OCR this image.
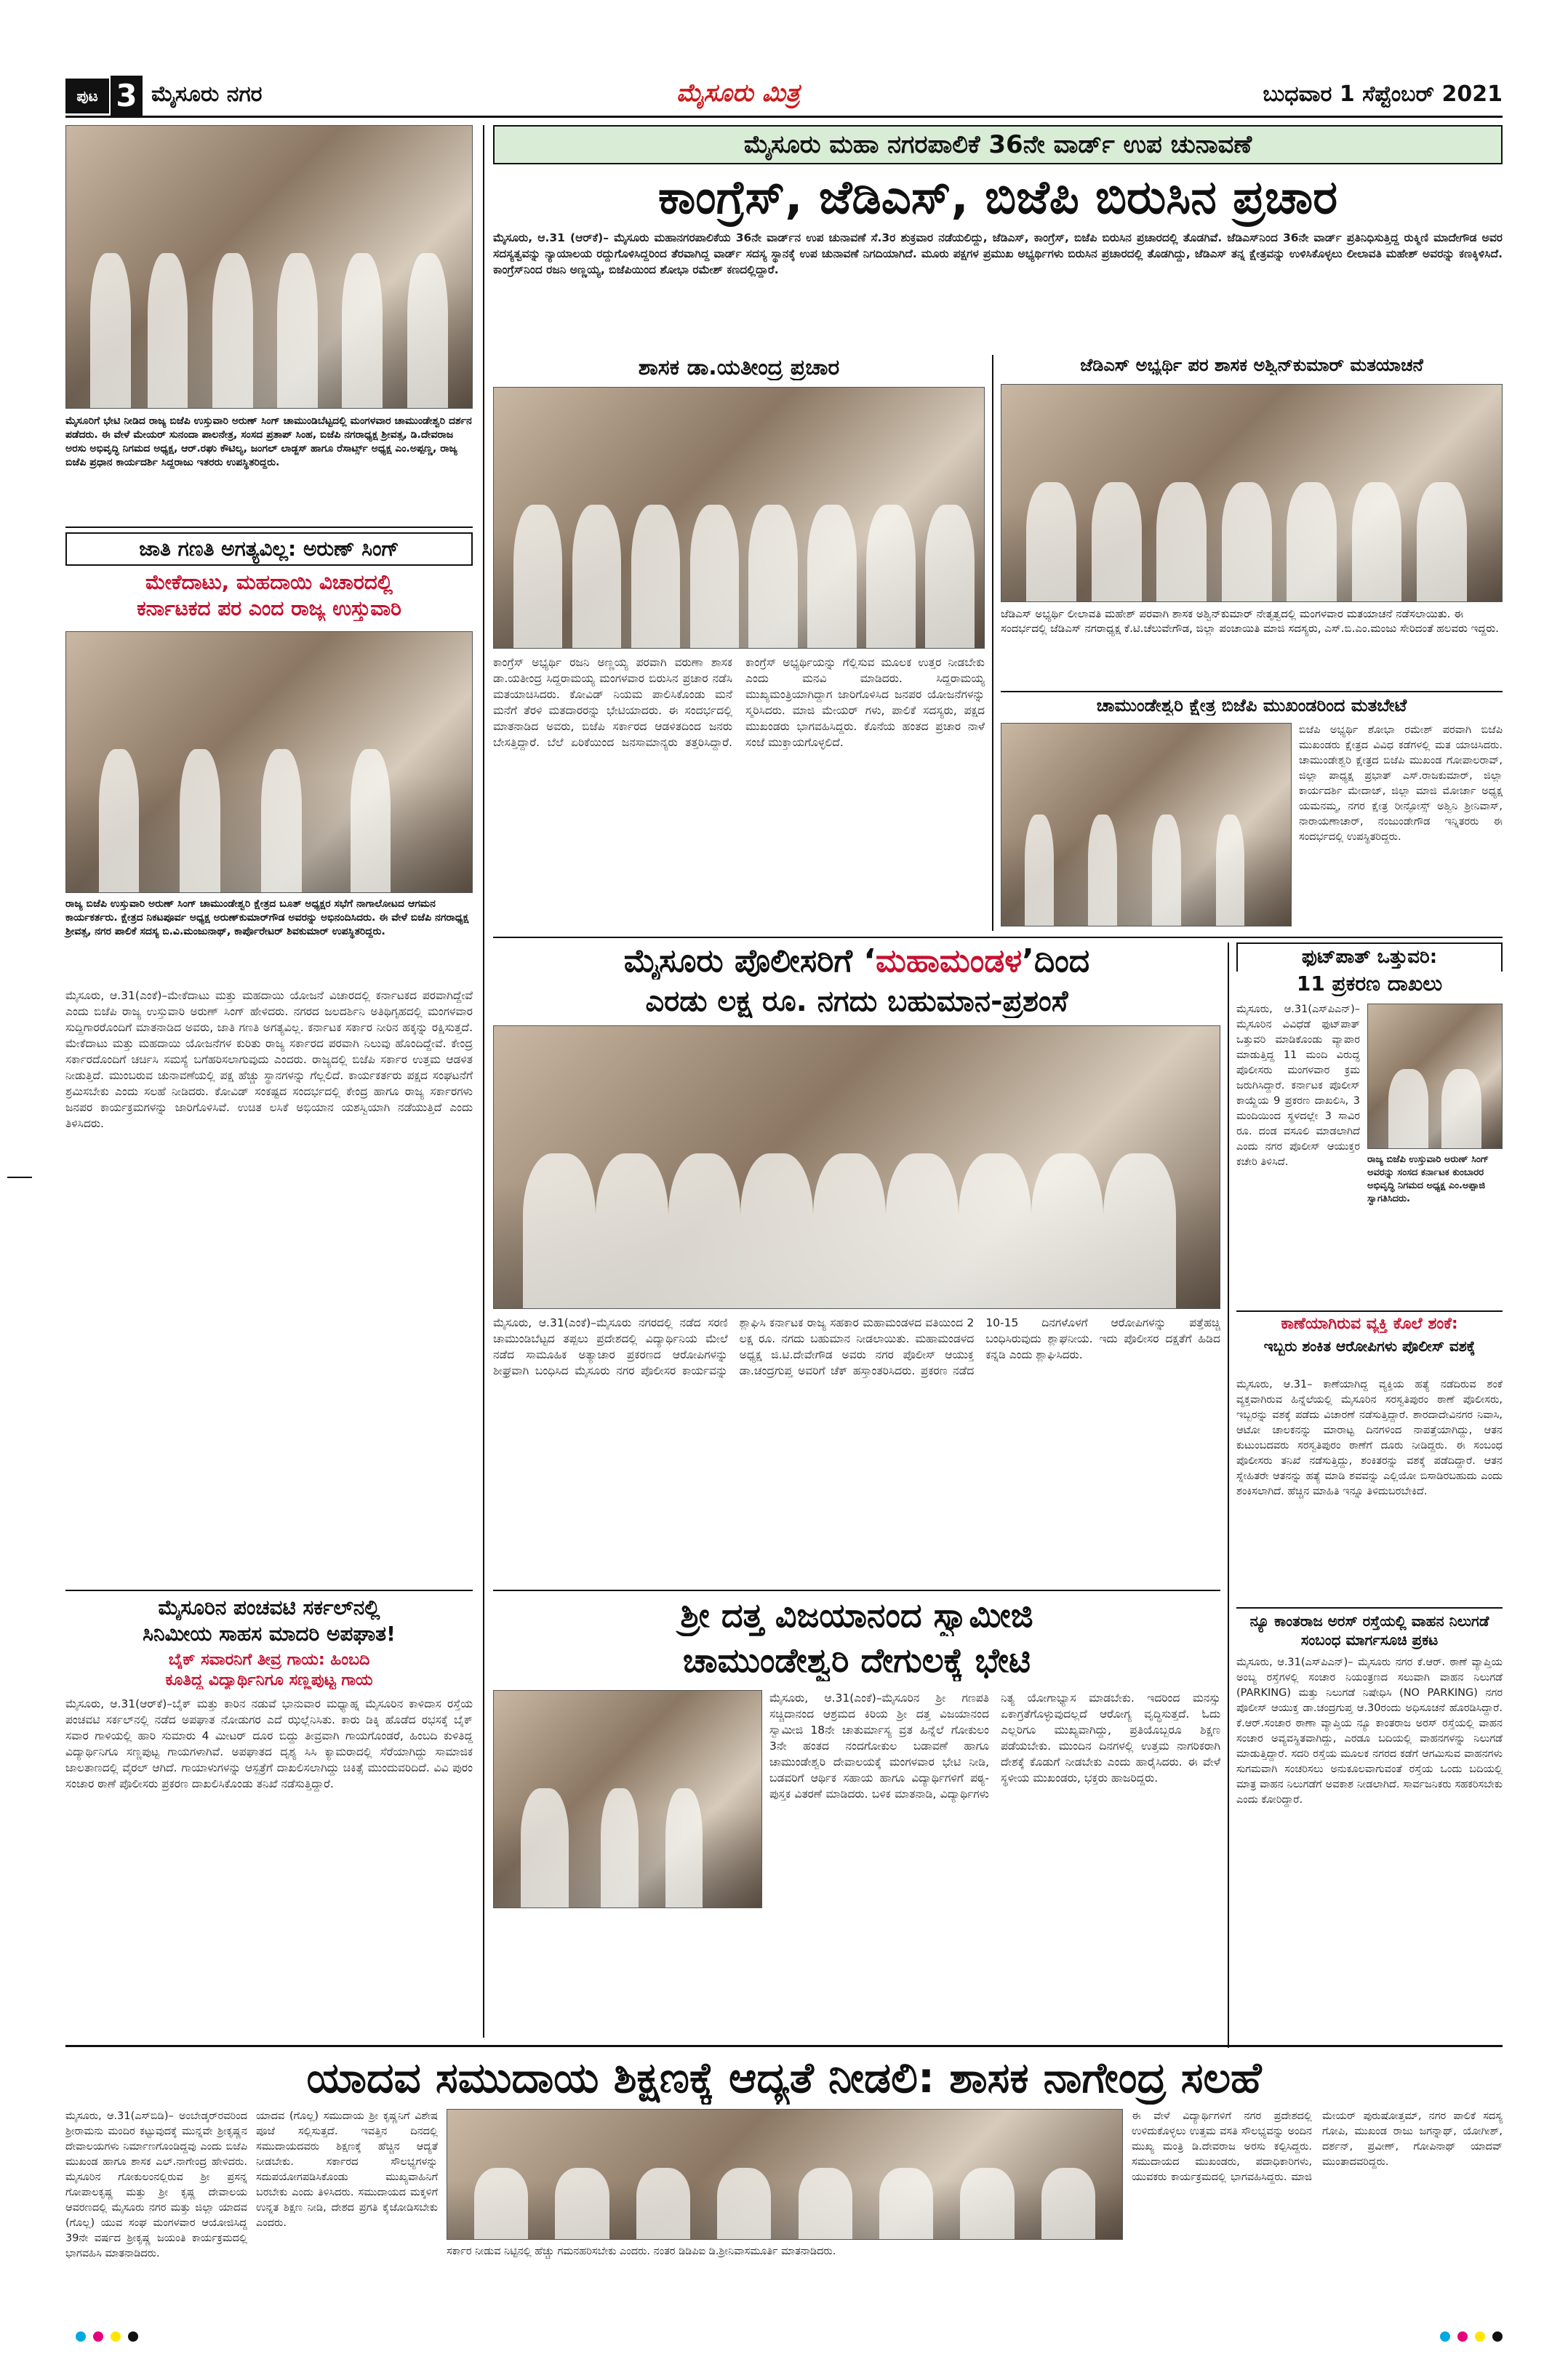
ಪುಟ 3 ಮೈಸೂರು ನಗರ	ಮೈಸೂರು ಮಿತ್ರ	ಬುಧವಾರ 1 ಸೆಪ್ಟೆಂಬರ್ 2021
ಮೈಸೂರಿಗೆ ಭೇಟಿ ನೀಡಿದ ರಾಜ್ಯ ಬಿಜೆಪಿ ಉಸ್ತುವಾರಿ ಅರುಣ್ ಸಿಂಗ್ ಚಾಮುಂಡಿಬೆಟ್ಟದಲ್ಲಿ ಮಂಗಳವಾರ ಚಾಮುಂಡೇಶ್ವರಿ ದರ್ಶನ ಪಡೆದರು. ಈ ವೇಳೆ ಮೇಯರ್ ಸುನಂದಾ ಪಾಲನೇತ್ರ, ಸಂಸದ ಪ್ರತಾಪ್ ಸಿಂಹ, ಬಿಜೆಪಿ ನಗರಾಧ್ಯಕ್ಷ ಶ್ರೀವತ್ಸ, ಡಿ.ದೇವರಾಜ ಅರಸು ಅಭಿವೃದ್ಧಿ ನಿಗಮದ ಅಧ್ಯಕ್ಷ, ಆರ್.ರಘು ಕೌಟಿಲ್ಯ, ಜಂಗಲ್ ಲಾಡ್ಜಸ್ ಹಾಗೂ ರೆಸಾರ್ಟ್ಸ್ ಅಧ್ಯಕ್ಷ ಎಂ.ಅಪ್ಪಣ್ಣ, ರಾಜ್ಯ ಬಿಜೆಪಿ ಪ್ರಧಾನ ಕಾರ್ಯದರ್ಶಿ ಸಿದ್ದರಾಜು ಇತರರು ಉಪಸ್ಥಿತರಿದ್ದರು.
ಜಾತಿ ಗಣತಿ ಅಗತ್ಯವಿಲ್ಲ: ಅರುಣ್ ಸಿಂಗ್
ಮೇಕೆದಾಟು, ಮಹದಾಯಿ ವಿಚಾರದಲ್ಲಿ
ಕರ್ನಾಟಕದ ಪರ ಎಂದ ರಾಜ್ಯ ಉಸ್ತುವಾರಿ
ರಾಜ್ಯ ಬಿಜೆಪಿ ಉಸ್ತುವಾರಿ ಅರುಣ್ ಸಿಂಗ್ ಚಾಮುಂಡೇಶ್ವರಿ ಕ್ಷೇತ್ರದ ಬೂತ್ ಅಧ್ಯಕ್ಷರ ಸಭೆಗೆ ನಾಗಾಲೋಟದ ಆಗಮನ ಕಾರ್ಯಕರ್ತರು. ಕ್ಷೇತ್ರದ ನಿಕಟಪೂರ್ವ ಅಧ್ಯಕ್ಷ ಅರುಣ್‌ಕುಮಾರ್‌ಗೌಡ ಅವರನ್ನು ಅಭಿನಂದಿಸಿದರು. ಈ ವೇಳೆ ಬಿಜೆಪಿ ನಗರಾಧ್ಯಕ್ಷ ಶ್ರೀವತ್ಸ, ನಗರ ಪಾಲಿಕೆ ಸದಸ್ಯ ಬಿ.ವಿ.ಮಂಜುನಾಥ್, ಕಾರ್ಪೊರೇಟರ್ ಶಿವಕುಮಾರ್ ಉಪಸ್ಥಿತರಿದ್ದರು.
ಮೈಸೂರು, ಆ.31(ಎಂಕೆ)–ಮೇಕೆದಾಟು ಮತ್ತು ಮಹದಾಯಿ ಯೋಜನೆ ವಿಚಾರದಲ್ಲಿ ಕರ್ನಾಟಕದ ಪರವಾಗಿದ್ದೇವೆ ಎಂದು ಬಿಜೆಪಿ ರಾಜ್ಯ ಉಸ್ತುವಾರಿ ಅರುಣ್ ಸಿಂಗ್ ಹೇಳಿದರು. ನಗರದ ಜಲದರ್ಶಿನಿ ಅತಿಥಿಗೃಹದಲ್ಲಿ ಮಂಗಳವಾರ ಸುದ್ದಿಗಾರರೊಂದಿಗೆ ಮಾತನಾಡಿದ ಅವರು, ಜಾತಿ ಗಣತಿ ಅಗತ್ಯವಿಲ್ಲ. ಕರ್ನಾಟಕ ಸರ್ಕಾರ ನೀರಿನ ಹಕ್ಕನ್ನು ರಕ್ಷಿಸುತ್ತದೆ. ಮೇಕೆದಾಟು ಮತ್ತು ಮಹದಾಯಿ ಯೋಜನೆಗಳ ಕುರಿತು ರಾಜ್ಯ ಸರ್ಕಾರದ ಪರವಾಗಿ ನಿಲುವು ಹೊಂದಿದ್ದೇವೆ. ಕೇಂದ್ರ ಸರ್ಕಾರದೊಂದಿಗೆ ಚರ್ಚಿಸಿ ಸಮಸ್ಯೆ ಬಗೆಹರಿಸಲಾಗುವುದು ಎಂದರು. ರಾಜ್ಯದಲ್ಲಿ ಬಿಜೆಪಿ ಸರ್ಕಾರ ಉತ್ತಮ ಆಡಳಿತ ನೀಡುತ್ತಿದೆ. ಮುಂಬರುವ ಚುನಾವಣೆಯಲ್ಲಿ ಪಕ್ಷ ಹೆಚ್ಚು ಸ್ಥಾನಗಳನ್ನು ಗೆಲ್ಲಲಿದೆ. ಕಾರ್ಯಕರ್ತರು ಪಕ್ಷದ ಸಂಘಟನೆಗೆ ಶ್ರಮಿಸಬೇಕು ಎಂದು ಸಲಹೆ ನೀಡಿದರು. ಕೋವಿಡ್ ಸಂಕಷ್ಟದ ಸಂದರ್ಭದಲ್ಲಿ ಕೇಂದ್ರ ಹಾಗೂ ರಾಜ್ಯ ಸರ್ಕಾರಗಳು ಜನಪರ ಕಾರ್ಯಕ್ರಮಗಳನ್ನು ಜಾರಿಗೊಳಿಸಿವೆ. ಉಚಿತ ಲಸಿಕೆ ಅಭಿಯಾನ ಯಶಸ್ವಿಯಾಗಿ ನಡೆಯುತ್ತಿದೆ ಎಂದು ತಿಳಿಸಿದರು.
ಮೈಸೂರಿನ ಪಂಚವಟಿ ಸರ್ಕಲ್‌ನಲ್ಲಿ
ಸಿನಿಮೀಯ ಸಾಹಸ ಮಾದರಿ ಅಪಘಾತ!
ಬೈಕ್ ಸವಾರನಿಗೆ ತೀವ್ರ ಗಾಯ: ಹಿಂಬದಿ
ಕೂತಿದ್ದ ವಿದ್ಯಾರ್ಥಿನಿಗೂ ಸಣ್ಣಪುಟ್ಟ ಗಾಯ
ಮೈಸೂರು, ಆ.31(ಆರ್‌ಕೆ)–ಬೈಕ್ ಮತ್ತು ಕಾರಿನ ನಡುವೆ ಭಾನುವಾರ ಮಧ್ಯಾಹ್ನ ಮೈಸೂರಿನ ಕಾಳಿದಾಸ ರಸ್ತೆಯ ಪಂಚವಟಿ ಸರ್ಕಲ್‌ನಲ್ಲಿ ನಡೆದ ಅಪಘಾತ ನೋಡುಗರ ಎದೆ ಝಲ್ಲೆನಿಸಿತು. ಕಾರು ಡಿಕ್ಕಿ ಹೊಡೆದ ರಭಸಕ್ಕೆ ಬೈಕ್ ಸವಾರ ಗಾಳಿಯಲ್ಲಿ ಹಾರಿ ಸುಮಾರು 4 ಮೀಟರ್ ದೂರ ಬಿದ್ದು ತೀವ್ರವಾಗಿ ಗಾಯಗೊಂಡರೆ, ಹಿಂಬದಿ ಕುಳಿತಿದ್ದ ವಿದ್ಯಾರ್ಥಿನಿಗೂ ಸಣ್ಣಪುಟ್ಟ ಗಾಯಗಳಾಗಿವೆ. ಅಪಘಾತದ ದೃಶ್ಯ ಸಿಸಿ ಕ್ಯಾಮರಾದಲ್ಲಿ ಸೆರೆಯಾಗಿದ್ದು ಸಾಮಾಜಿಕ ಜಾಲತಾಣದಲ್ಲಿ ವೈರಲ್ ಆಗಿದೆ. ಗಾಯಾಳುಗಳನ್ನು ಆಸ್ಪತ್ರೆಗೆ ದಾಖಲಿಸಲಾಗಿದ್ದು ಚಿಕಿತ್ಸೆ ಮುಂದುವರಿದಿದೆ. ವಿವಿ ಪುರಂ ಸಂಚಾರ ಠಾಣೆ ಪೊಲೀಸರು ಪ್ರಕರಣ ದಾಖಲಿಸಿಕೊಂಡು ತನಿಖೆ ನಡೆಸುತ್ತಿದ್ದಾರೆ.
ಮೈಸೂರು ಮಹಾ ನಗರಪಾಲಿಕೆ 36ನೇ ವಾರ್ಡ್ ಉಪ ಚುನಾವಣೆ
ಕಾಂಗ್ರೆಸ್, ಜೆಡಿಎಸ್, ಬಿಜೆಪಿ ಬಿರುಸಿನ ಪ್ರಚಾರ
ಮೈಸೂರು, ಆ.31 (ಆರ್‌ಕೆ)– ಮೈಸೂರು ಮಹಾನಗರಪಾಲಿಕೆಯ 36ನೇ ವಾರ್ಡ್‌ನ ಉಪ ಚುನಾವಣೆ ಸೆ.3ರ ಶುಕ್ರವಾರ ನಡೆಯಲಿದ್ದು, ಜೆಡಿಎಸ್, ಕಾಂಗ್ರೆಸ್, ಬಿಜೆಪಿ ಬಿರುಸಿನ ಪ್ರಚಾರದಲ್ಲಿ ತೊಡಗಿವೆ. ಜೆಡಿಎಸ್‌ನಿಂದ 36ನೇ ವಾರ್ಡ್ ಪ್ರತಿನಿಧಿಸುತ್ತಿದ್ದ ರುಕ್ಮಿಣಿ ಮಾದೇಗೌಡ ಅವರ ಸದಸ್ಯತ್ವವನ್ನು ನ್ಯಾಯಾಲಯ ರದ್ದುಗೊಳಿಸಿದ್ದರಿಂದ ತೆರವಾಗಿದ್ದ ವಾರ್ಡ್ ಸದಸ್ಯ ಸ್ಥಾನಕ್ಕೆ ಉಪ ಚುನಾವಣೆ ನಿಗದಿಯಾಗಿದೆ. ಮೂರು ಪಕ್ಷಗಳ ಪ್ರಮುಖ ಅಭ್ಯರ್ಥಿಗಳು ಬಿರುಸಿನ ಪ್ರಚಾರದಲ್ಲಿ ತೊಡಗಿದ್ದು, ಜೆಡಿಎಸ್ ತನ್ನ ಕ್ಷೇತ್ರವನ್ನು ಉಳಿಸಿಕೊಳ್ಳಲು ಲೀಲಾವತಿ ಮಹೇಶ್ ಅವರನ್ನು ಕಣಕ್ಕಿಳಿಸಿದೆ. ಕಾಂಗ್ರೆಸ್‌ನಿಂದ ರಜನಿ ಅಣ್ಣಯ್ಯ, ಬಿಜೆಪಿಯಿಂದ ಶೋಭಾ ರಮೇಶ್ ಕಣದಲ್ಲಿದ್ದಾರೆ.
ಶಾಸಕ ಡಾ.ಯತೀಂದ್ರ ಪ್ರಚಾರ
ಕಾಂಗ್ರೆಸ್ ಅಭ್ಯರ್ಥಿ ರಜನಿ ಅಣ್ಣಯ್ಯ ಪರವಾಗಿ ವರುಣಾ ಶಾಸಕ ಡಾ.ಯತೀಂದ್ರ ಸಿದ್ದರಾಮಯ್ಯ ಮಂಗಳವಾರ ಬಿರುಸಿನ ಪ್ರಚಾರ ನಡೆಸಿ ಮತಯಾಚಿಸಿದರು. ಕೋವಿಡ್ ನಿಯಮ ಪಾಲಿಸಿಕೊಂಡು ಮನೆ ಮನೆಗೆ ತೆರಳಿ ಮತದಾರರನ್ನು ಭೇಟಿಯಾದರು. ಈ ಸಂದರ್ಭದಲ್ಲಿ ಮಾತನಾಡಿದ ಅವರು, ಬಿಜೆಪಿ ಸರ್ಕಾರದ ಆಡಳಿತದಿಂದ ಜನರು ಬೇಸತ್ತಿದ್ದಾರೆ. ಬೆಲೆ ಏರಿಕೆಯಿಂದ ಜನಸಾಮಾನ್ಯರು ತತ್ತರಿಸಿದ್ದಾರೆ. ಕಾಂಗ್ರೆಸ್ ಅಭ್ಯರ್ಥಿಯನ್ನು ಗೆಲ್ಲಿಸುವ ಮೂಲಕ ಉತ್ತರ ನೀಡಬೇಕು ಎಂದು ಮನವಿ ಮಾಡಿದರು. ಸಿದ್ದರಾಮಯ್ಯ ಮುಖ್ಯಮಂತ್ರಿಯಾಗಿದ್ದಾಗ ಜಾರಿಗೊಳಿಸಿದ ಜನಪರ ಯೋಜನೆಗಳನ್ನು ಸ್ಮರಿಸಿದರು. ಮಾಜಿ ಮೇಯರ್ ಗಳು, ಪಾಲಿಕೆ ಸದಸ್ಯರು, ಪಕ್ಷದ ಮುಖಂಡರು ಭಾಗವಹಿಸಿದ್ದರು. ಕೊನೆಯ ಹಂತದ ಪ್ರಚಾರ ನಾಳೆ ಸಂಜೆ ಮುಕ್ತಾಯಗೊಳ್ಳಲಿದೆ.
ಜೆಡಿಎಸ್ ಅಭ್ಯರ್ಥಿ ಪರ ಶಾಸಕ ಅಶ್ವಿನ್‌ಕುಮಾರ್ ಮತಯಾಚನೆ
ಜೆಡಿಎಸ್ ಅಭ್ಯರ್ಥಿ ಲೀಲಾವತಿ ಮಹೇಶ್ ಪರವಾಗಿ ಶಾಸಕ ಅಶ್ವಿನ್‌ಕುಮಾರ್ ನೇತೃತ್ವದಲ್ಲಿ ಮಂಗಳವಾರ ಮತಯಾಚನೆ ನಡೆಸಲಾಯಿತು. ಈ ಸಂದರ್ಭದಲ್ಲಿ ಜೆಡಿಎಸ್ ನಗರಾಧ್ಯಕ್ಷ ಕೆ.ಟಿ.ಚೆಲುವೇಗೌಡ, ಜಿಲ್ಲಾ ಪಂಚಾಯಿತಿ ಮಾಜಿ ಸದಸ್ಯರು, ಎಸ್.ಬಿ.ಎಂ.ಮಂಜು ಸೇರಿದಂತೆ ಹಲವರು ಇದ್ದರು.
ಚಾಮುಂಡೇಶ್ವರಿ ಕ್ಷೇತ್ರ ಬಿಜೆಪಿ ಮುಖಂಡರಿಂದ ಮತಬೇಟೆ
ಬಿಜೆಪಿ ಅಭ್ಯರ್ಥಿ ಶೋಭಾ ರಮೇಶ್ ಪರವಾಗಿ ಬಿಜೆಪಿ ಮುಖಂಡರು ಕ್ಷೇತ್ರದ ವಿವಿಧ ಕಡೆಗಳಲ್ಲಿ ಮತ ಯಾಚಿಸಿದರು. ಚಾಮುಂಡೇಶ್ವರಿ ಕ್ಷೇತ್ರದ ಬಿಜೆಪಿ ಮುಖಂಡ ಗೋಪಾಲರಾವ್, ಜಿಲ್ಲಾ ಪಾಧ್ಯಕ್ಷ ಪ್ರಭಾತ್ ಎಸ್.ರಾಜಕುಮಾರ್, ಜಿಲ್ಲಾ ಕಾರ್ಯದರ್ಶಿ ಮೇದಾಜ್, ಜಿಲ್ಲಾ ಮಾಜಿ ಮೋರ್ಚಾ ಅಧ್ಯಕ್ಷ ಯಮನಮ್ಮ, ನಗರ ಕ್ಷೇತ್ರ ರೀನ್ಫೋಸ್ಸ್ ಅಶ್ವಿನಿ ಶ್ರೀನಿವಾಸ್, ನಾರಾಯಣಾಚಾರ್, ನಂಜುಂಡೇಗೌಡ ಇನ್ನಿತರರು ಈ ಸಂದರ್ಭದಲ್ಲಿ ಉಪಸ್ಥಿತರಿದ್ದರು.
ಮೈಸೂರು ಪೊಲೀಸರಿಗೆ ‘ಮಹಾಮಂಡಳ’ದಿಂದ
ಎರಡು ಲಕ್ಷ ರೂ. ನಗದು ಬಹುಮಾನ-ಪ್ರಶಂಸೆ
ಮೈಸೂರು, ಆ.31(ಎಂಕೆ)–ಮೈಸೂರು ನಗರದಲ್ಲಿ ನಡೆದ ಸರಣಿ ಚಾಮುಂಡಿಬೆಟ್ಟದ ತಪ್ಪಲು ಪ್ರದೇಶದಲ್ಲಿ ವಿದ್ಯಾರ್ಥಿನಿಯ ಮೇಲೆ ನಡೆದ ಸಾಮೂಹಿಕ ಅತ್ಯಾಚಾರ ಪ್ರಕರಣದ ಆರೋಪಿಗಳನ್ನು ಶೀಘ್ರವಾಗಿ ಬಂಧಿಸಿದ ಮೈಸೂರು ನಗರ ಪೊಲೀಸರ ಕಾರ್ಯವನ್ನು ಶ್ಲಾಘಿಸಿ ಕರ್ನಾಟಕ ರಾಜ್ಯ ಸಹಕಾರ ಮಹಾಮಂಡಳದ ವತಿಯಿಂದ 2 ಲಕ್ಷ ರೂ. ನಗದು ಬಹುಮಾನ ನೀಡಲಾಯಿತು. ಮಹಾಮಂಡಳದ ಅಧ್ಯಕ್ಷ ಜಿ.ಟಿ.ದೇವೇಗೌಡ ಅವರು ನಗರ ಪೊಲೀಸ್ ಆಯುಕ್ತ ಡಾ.ಚಂದ್ರಗುಪ್ತ ಅವರಿಗೆ ಚೆಕ್ ಹಸ್ತಾಂತರಿಸಿದರು. ಪ್ರಕರಣ ನಡೆದ 10-15 ದಿನಗಳೊಳಗೆ ಆರೋಪಿಗಳನ್ನು ಪತ್ತೆಹಚ್ಚಿ ಬಂಧಿಸಿರುವುದು ಶ್ಲಾಘನೀಯ. ಇದು ಪೊಲೀಸರ ದಕ್ಷತೆಗೆ ಹಿಡಿದ ಕನ್ನಡಿ ಎಂದು ಶ್ಲಾಘಿಸಿದರು.
ಫುಟ್‌ಪಾತ್ ಒತ್ತುವರಿ:
11 ಪ್ರಕರಣ ದಾಖಲು
ಮೈಸೂರು, ಆ.31(ಎಸ್‌ಪಿಎನ್)– ಮೈಸೂರಿನ ವಿವಿಧೆಡೆ ಫುಟ್‌ಪಾತ್ ಒತ್ತುವರಿ ಮಾಡಿಕೊಂಡು ವ್ಯಾಪಾರ ಮಾಡುತ್ತಿದ್ದ 11 ಮಂದಿ ವಿರುದ್ಧ ಪೊಲೀಸರು ಮಂಗಳವಾರ ಕ್ರಮ ಜರುಗಿಸಿದ್ದಾರೆ. ಕರ್ನಾಟಕ ಪೊಲೀಸ್ ಕಾಯ್ದೆಯ 9 ಪ್ರಕರಣ ದಾಖಲಿಸಿ, 3 ಮಂದಿಯಿಂದ ಸ್ಥಳದಲ್ಲೇ 3 ಸಾವಿರ ರೂ. ದಂಡ ವಸೂಲಿ ಮಾಡಲಾಗಿದೆ ಎಂದು ನಗರ ಪೊಲೀಸ್ ಆಯುಕ್ತರ ಕಚೇರಿ ತಿಳಿಸಿದೆ.	ರಾಜ್ಯ ಬಿಜೆಪಿ ಉಸ್ತುವಾರಿ ಅರುಣ್ ಸಿಂಗ್ ಅವರನ್ನು ಸಂಸದ ಕರ್ನಾಟಕ ಕುಂಬಾರರ ಅಭಿವೃದ್ಧಿ ನಿಗಮದ ಅಧ್ಯಕ್ಷ ಎಂ.ಅಪ್ಪಾಜಿ ಸ್ವಾಗತಿಸಿದರು.
ಕಾಣೆಯಾಗಿರುವ ವ್ಯಕ್ತಿ ಕೊಲೆ ಶಂಕೆ:
ಇಬ್ಬರು ಶಂಕಿತ ಆರೋಪಿಗಳು ಪೊಲೀಸ್ ವಶಕ್ಕೆ
ಮೈಸೂರು, ಆ.31– ಕಾಣೆಯಾಗಿದ್ದ ವ್ಯಕ್ತಿಯ ಹತ್ಯೆ ನಡೆದಿರುವ ಶಂಕೆ ವ್ಯಕ್ತವಾಗಿರುವ ಹಿನ್ನೆಲೆಯಲ್ಲಿ ಮೈಸೂರಿನ ಸರಸ್ವತಿಪುರಂ ಠಾಣೆ ಪೊಲೀಸರು, ಇಬ್ಬರನ್ನು ವಶಕ್ಕೆ ಪಡೆದು ವಿಚಾರಣೆ ನಡೆಸುತ್ತಿದ್ದಾರೆ. ಶಾರದಾದೇವಿನಗರ ನಿವಾಸಿ, ಆಟೋ ಚಾಲಕನನ್ನು ಮಾರಾಟ್ಟ ದಿನಗಳಿಂದ ನಾಪತ್ತೆಯಾಗಿದ್ದು, ಆತನ ಕುಟುಂಬದವರು ಸರಸ್ವತಿಪುರಂ ಠಾಣೆಗೆ ದೂರು ನೀಡಿದ್ದರು. ಈ ಸಂಬಂಧ ಪೊಲೀಸರು ತನಿಖೆ ನಡೆಸುತ್ತಿದ್ದು, ಶಂಕಿತರನ್ನು ವಶಕ್ಕೆ ಪಡೆದಿದ್ದಾರೆ. ಆತನ ಸ್ನೇಹಿತರೇ ಆತನನ್ನು ಹತ್ಯೆ ಮಾಡಿ ಶವವನ್ನು ಎಲ್ಲಿಯೋ ಬಿಸಾಡಿರಬಹುದು ಎಂದು ಶಂಕಿಸಲಾಗಿದೆ. ಹೆಚ್ಚಿನ ಮಾಹಿತಿ ಇನ್ನೂ ತಿಳಿದುಬರಬೇಕಿದೆ.
ನ್ಯೂ ಕಾಂತರಾಜ ಅರಸ್ ರಸ್ತೆಯಲ್ಲಿ ವಾಹನ ನಿಲುಗಡೆ ಸಂಬಂಧ ಮಾರ್ಗಸೂಚಿ ಪ್ರಕಟ
ಮೈಸೂರು, ಆ.31(ಎಸ್‌ಪಿಎನ್)– ಮೈಸೂರು ನಗರ ಕೆ.ಆರ್. ಠಾಣೆ ವ್ಯಾಪ್ತಿಯ ಅಂಬ್ಯ ರಸ್ತೆಗಳಲ್ಲಿ ಸಂಚಾರ ನಿಯಂತ್ರಣದ ಸಲುವಾಗಿ ವಾಹನ ನಿಲುಗಡೆ (PARKING) ಮತ್ತು ನಿಲುಗಡೆ ನಿಷೇಧಿಸಿ (NO PARKING) ನಗರ ಪೊಲೀಸ್ ಆಯುಕ್ತ ಡಾ.ಚಂದ್ರಗುಪ್ತ ಆ.30ರಂದು ಅಧಿಸೂಚನೆ ಹೊರಡಿಸಿದ್ದಾರೆ. ಕೆ.ಆರ್.ಸಂಚಾರ ಠಾಣಾ ವ್ಯಾಪ್ತಿಯ ನ್ಯೂ ಕಾಂತರಾಜ ಅರಸ್ ರಸ್ತೆಯಲ್ಲಿ ವಾಹನ ಸಂಚಾರ ಅವ್ಯವಸ್ಥಿತವಾಗಿದ್ದು, ಎರಡೂ ಬದಿಯಲ್ಲಿ ವಾಹನಗಳನ್ನು ನಿಲುಗಡೆ ಮಾಡುತ್ತಿದ್ದಾರೆ. ಸದರಿ ರಸ್ತೆಯ ಮೂಲಕ ನಗರದ ಕಡೆಗೆ ಆಗಮಿಸುವ ವಾಹನಗಳು ಸುಗಮವಾಗಿ ಸಂಚರಿಸಲು ಅನುಕೂಲವಾಗುವಂತೆ ರಸ್ತೆಯ ಒಂದು ಬದಿಯಲ್ಲಿ ಮಾತ್ರ ವಾಹನ ನಿಲುಗಡೆಗೆ ಅವಕಾಶ ನೀಡಲಾಗಿದೆ. ಸಾರ್ವಜನಿಕರು ಸಹಕರಿಸಬೇಕು ಎಂದು ಕೋರಿದ್ದಾರೆ.
ಶ್ರೀ ದತ್ತ ವಿಜಯಾನಂದ ಸ್ವಾಮೀಜಿ
ಚಾಮುಂಡೇಶ್ವರಿ ದೇಗುಲಕ್ಕೆ ಭೇಟಿ
ಮೈಸೂರು, ಆ.31(ಎಂಕೆ)–ಮೈಸೂರಿನ ಶ್ರೀ ಗಣಪತಿ ಸಚ್ಚಿದಾನಂದ ಆಶ್ರಮದ ಕಿರಿಯ ಶ್ರೀ ದತ್ತ ವಿಜಯಾನಂದ ಸ್ವಾಮೀಜಿ 18ನೇ ಚಾತುರ್ಮಾಸ್ಯ ವ್ರತ ಹಿನ್ನೆಲೆ ಗೋಕುಲಂ 3ನೇ ಹಂತದ ನಂದಗೋಕುಲ ಬಡಾವಣೆ ಹಾಗೂ ಚಾಮುಂಡೇಶ್ವರಿ ದೇವಾಲಯಕ್ಕೆ ಮಂಗಳವಾರ ಭೇಟಿ ನೀಡಿ, ಬಡವರಿಗೆ ಆರ್ಥಿಕ ಸಹಾಯ ಹಾಗೂ ವಿದ್ಯಾರ್ಥಿಗಳಿಗೆ ಪಠ್ಯ-ಪುಸ್ತಕ ವಿತರಣೆ ಮಾಡಿದರು. ಬಳಿಕ ಮಾತನಾಡಿ, ವಿದ್ಯಾರ್ಥಿಗಳು ನಿತ್ಯ ಯೋಗಾಭ್ಯಾಸ ಮಾಡಬೇಕು. ಇದರಿಂದ ಮನಸ್ಸು ಏಕಾಗ್ರತೆಗೊಳ್ಳುವುದಲ್ಲದೆ ಆರೋಗ್ಯ ವೃದ್ಧಿಸುತ್ತದೆ. ಓದು ಎಲ್ಲರಿಗೂ ಮುಖ್ಯವಾಗಿದ್ದು, ಪ್ರತಿಯೊಬ್ಬರೂ ಶಿಕ್ಷಣ ಪಡೆಯಬೇಕು. ಮುಂದಿನ ದಿನಗಳಲ್ಲಿ ಉತ್ತಮ ನಾಗರಿಕರಾಗಿ ದೇಶಕ್ಕೆ ಕೊಡುಗೆ ನೀಡಬೇಕು ಎಂದು ಹಾರೈಸಿದರು. ಈ ವೇಳೆ ಸ್ಥಳೀಯ ಮುಖಂಡರು, ಭಕ್ತರು ಹಾಜರಿದ್ದರು.
ಯಾದವ ಸಮುದಾಯ ಶಿಕ್ಷಣಕ್ಕೆ ಆದ್ಯತೆ ನೀಡಲಿ: ಶಾಸಕ ನಾಗೇಂದ್ರ ಸಲಹೆ
ಮೈಸೂರು, ಆ.31(ಎಸ್‌ಬಿಡಿ)– ಅಂಬೇಡ್ಕರ್‌ರವರಿಂದ ಶ್ರೀರಾಮನು ಮಂದಿರ ಕಟ್ಟುವುದಕ್ಕೆ ಮುನ್ನವೇ ಶ್ರೀಕೃಷ್ಣನ ದೇವಾಲಯಗಳು ನಿರ್ಮಾಣಗೊಂಡಿದ್ದವು ಎಂದು ಬಿಜೆಪಿ ಮುಖಂಡ ಹಾಗೂ ಶಾಸಕ ಎಲ್.ನಾಗೇಂದ್ರ ಹೇಳಿದರು. ಮೈಸೂರಿನ ಗೋಕುಲಂನಲ್ಲಿರುವ ಶ್ರೀ ಪ್ರಸನ್ನ ಗೋಪಾಲಕೃಷ್ಣ ಮತ್ತು ಶ್ರೀ ಕೃಷ್ಣ ದೇವಾಲಯ ಆವರಣದಲ್ಲಿ ಮೈಸೂರು ನಗರ ಮತ್ತು ಜಿಲ್ಲಾ ಯಾದವ (ಗೊಲ್ಲ) ಯುವ ಸಂಘ ಮಂಗಳವಾರ ಆಯೋಜಿಸಿದ್ದ 39ನೇ ವರ್ಷದ ಶ್ರೀಕೃಷ್ಣ ಜಯಂತಿ ಕಾರ್ಯಕ್ರಮದಲ್ಲಿ ಭಾಗವಹಿಸಿ ಮಾತನಾಡಿದರು.
ಯಾದವ (ಗೊಲ್ಲ) ಸಮುದಾಯ ಶ್ರೀ ಕೃಷ್ಣನಿಗೆ ವಿಶೇಷ ಪೂಜೆ ಸಲ್ಲಿಸುತ್ತದೆ. ಇವತ್ತಿನ ದಿನದಲ್ಲಿ ಸಮುದಾಯದವರು ಶಿಕ್ಷಣಕ್ಕೆ ಹೆಚ್ಚಿನ ಆದ್ಯತೆ ನೀಡಬೇಕು. ಸರ್ಕಾರದ ಸೌಲಭ್ಯಗಳನ್ನು ಸದುಪಯೋಗಪಡಿಸಿಕೊಂಡು ಮುಖ್ಯವಾಹಿನಿಗೆ ಬರಬೇಕು ಎಂದು ತಿಳಿಸಿದರು. ಸಮುದಾಯದ ಮಕ್ಕಳಿಗೆ ಉನ್ನತ ಶಿಕ್ಷಣ ನೀಡಿ, ದೇಶದ ಪ್ರಗತಿ ಕೈಜೋಡಿಸಬೇಕು ಎಂದರು.
ಸರ್ಕಾರ ನೀಡುವ ನಿಟ್ಟಿನಲ್ಲಿ ಹೆಚ್ಚು ಗಮನಹರಿಸಬೇಕು ಎಂದರು. ನಂತರ ಡಿಡಿಪಿಐ ಡಿ.ಶ್ರೀನಿವಾಸಮೂರ್ತಿ ಮಾತನಾಡಿದರು.
ಈ ವೇಳೆ ವಿದ್ಯಾರ್ಥಿಗಳಿಗೆ ನಗರ ಪ್ರದೇಶದಲ್ಲಿ ಉಳಿದುಕೊಳ್ಳಲು ಉತ್ತಮ ವಸತಿ ಸೌಲಭ್ಯವನ್ನು ಅಂದಿನ ಮುಖ್ಯ ಮಂತ್ರಿ ಡಿ.ದೇವರಾಜ ಅರಸು ಕಲ್ಪಿಸಿದ್ದರು. ಸಮುದಾಯದ ಮುಖಂಡರು, ಪದಾಧಿಕಾರಿಗಳು, ಯುವಕರು ಕಾರ್ಯಕ್ರಮದಲ್ಲಿ ಭಾಗವಹಿಸಿದ್ದರು. ಮಾಜಿ ಮೇಯರ್ ಪುರುಷೋತ್ತಮ್, ನಗರ ಪಾಲಿಕೆ ಸದಸ್ಯ ಗೋಪಿ, ಮುಖಂಡ ರಾಜು ಜಗನ್ನಾಥ್, ಯೋಗೀಶ್, ದರ್ಶನ್, ಪ್ರವೀಣ್, ಗೋಪಿನಾಥ್ ಯಾದವ್ ಮುಂತಾದವರಿದ್ದರು.
